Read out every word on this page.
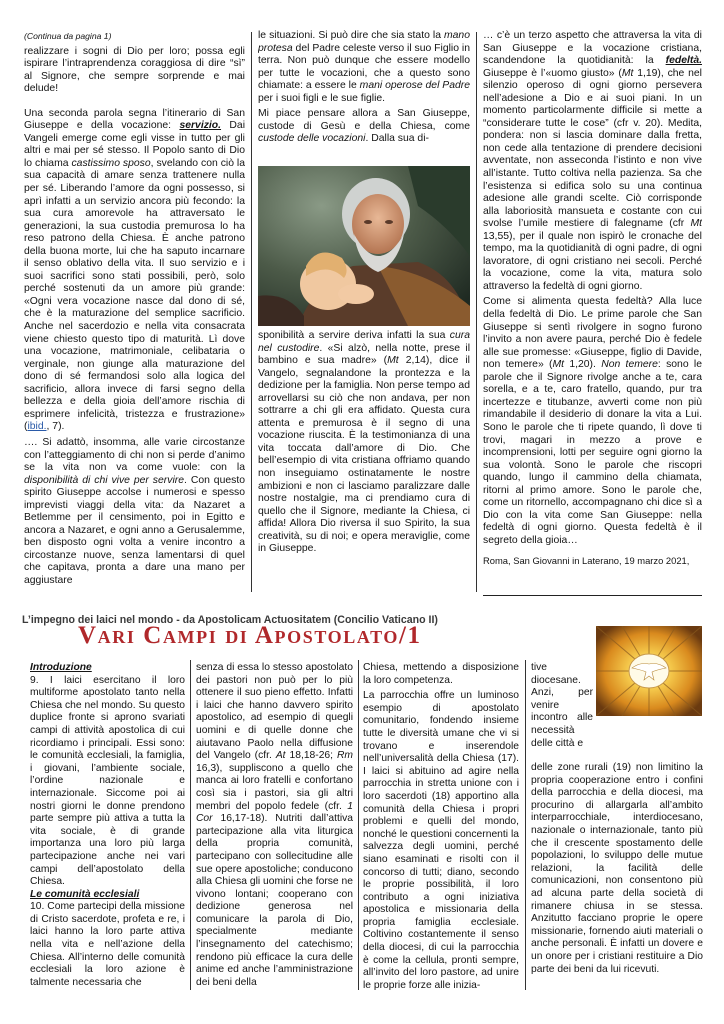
(Continua da pagina 1)

realizzare i sogni di Dio per loro; possa egli ispirare l’intraprendenza coraggiosa di dire “sì” al Signore, che sempre sorprende e mai delude!

Una seconda parola segna l’itinerario di San Giuseppe e della vocazione: servizio. Dai Vangeli emerge come egli visse in tutto per gli altri e mai per sé stesso. Il Popolo santo di Dio lo chiama castissimo sposo, svelando con ciò la sua capacità di amare senza trattenere nulla per sé. Liberando l’amore da ogni possesso, si aprì infatti a un servizio ancora più fecondo: la sua cura amorevole ha attraversato le generazioni, la sua custodia premurosa lo ha reso patrono della Chiesa. È anche patrono della buona morte, lui che ha saputo incarnare il senso oblativo della vita. Il suo servizio e i suoi sacrifici sono stati possibili, però, solo perché sostenuti da un amore più grande: «Ogni vera vocazione nasce dal dono di sé, che è la maturazione del semplice sacrificio. Anche nel sacerdozio e nella vita consacrata viene chiesto questo tipo di maturità. Lì dove una vocazione, matrimoniale, celibataria o verginale, non giunge alla maturazione del dono di sé fermandosi solo alla logica del sacrificio, allora invece di farsi segno della bellezza e della gioia dell’amore rischia di esprimere infelicità, tristezza e frustrazione» (ibid., 7).

…. Si adattò, insomma, alle varie circostanze con l’atteggiamento di chi non si perde d’animo se la vita non va come vuole: con la disponibilità di chi vive per servire. Con questo spirito Giuseppe accolse i numerosi e spesso imprevisti viaggi della vita: da Nazaret a Betlemme per il censimento, poi in Egitto e ancora a Nazaret, e ogni anno a Gerusalemme, ben disposto ogni volta a venire incontro a circostanze nuove, senza lamentarsi di quel che capitava, pronta a dare una mano per aggiustare

le situazioni. Si può dire che sia stato la mano protesa del Padre celeste verso il suo Figlio in terra. Non può dunque che essere modello per tutte le vocazioni, che a questo sono chiamate: a essere le mani operose del Padre per i suoi figli e le sue figlie.

Mi piace pensare allora a San Giuseppe, custode di Gesù e della Chiesa, come custode delle vocazioni. Dalla sua di-

sponibilità a servire deriva infatti la sua cura nel custodire. «Si alzò, nella notte, prese il bambino e sua madre» (Mt 2,14), dice il Vangelo, segnalandone la prontezza e la dedizione per la famiglia. Non perse tempo ad arrovellarsi su ciò che non andava, per non sottrarre a chi gli era affidato. Questa cura attenta e premurosa è il segno di una vocazione riuscita. È la testimonianza di una vita toccata dall’amore di Dio. Che bell’esempio di vita cristiana offriamo quando non inseguiamo ostinatamente le nostre ambizioni e non ci lasciamo paralizzare dalle nostre nostalgie, ma ci prendiamo cura di quello che il Signore, mediante la Chiesa, ci affida! Allora Dio riversa il suo Spirito, la sua creatività, su di noi; e opera meraviglie, come in Giuseppe.

… c’è un terzo aspetto che attraversa la vita di San Giuseppe e la vocazione cristiana, scandendone la quotidianità: la fedeltà. Giuseppe è l’«uomo giusto» (Mt 1,19), che nel silenzio operoso di ogni giorno persevera nell’adesione a Dio e ai suoi piani. In un momento particolarmente difficile si mette a “considerare tutte le cose” (cfr v. 20). Medita, pondera: non si lascia dominare dalla fretta, non cede alla tentazione di prendere decisioni avventate, non asseconda l’istinto e non vive all’istante. Tutto coltiva nella pazienza. Sa che l’esistenza si edifica solo su una continua adesione alle grandi scelte. Ciò corrisponde alla laboriosità mansueta e costante con cui svolse l’umile mestiere di falegname (cfr Mt 13,55), per il quale non ispirò le cronache del tempo, ma la quotidianità di ogni padre, di ogni lavoratore, di ogni cristiano nei secoli. Perché la vocazione, come la vita, matura solo attraverso la fedeltà di ogni giorno.

Come si alimenta questa fedeltà? Alla luce della fedeltà di Dio. Le prime parole che San Giuseppe si sentì rivolgere in sogno furono l’invito a non avere paura, perché Dio è fedele alle sue promesse: «Giuseppe, figlio di Davide, non temere» (Mt 1,20). Non temere: sono le parole che il Signore rivolge anche a te, cara sorella, e a te, caro fratello, quando, pur tra incertezze e titubanze, avverti come non più rimandabile il desiderio di donare la vita a Lui. Sono le parole che ti ripete quando, lì dove ti trovi, magari in mezzo a prove e incomprensioni, lotti per seguire ogni giorno la sua volontà. Sono le parole che riscopri quando, lungo il cammino della chiamata, ritorni al primo amore. Sono le parole che, come un ritornello, accompagnano chi dice sì a Dio con la vita come San Giuseppe: nella fedeltà di ogni giorno. Questa fedeltà è il segreto della gioia…

Roma, San Giovanni in Laterano, 19 marzo 2021,

L’impegno dei laici nel mondo - da Apostolicam Actuositatem (Concilio Vaticano II)
Vari Campi di Apostolato/1
Introduzione

9. I laici esercitano il loro multiforme apostolato tanto nella Chiesa che nel mondo. Su questo duplice fronte si aprono svariati campi di attività apostolica di cui ricordiamo i principali. Essi sono: le comunità ecclesiali, la famiglia, i giovani, l’ambiente sociale, l’ordine nazionale e internazionale. Siccome poi ai nostri giorni le donne prendono parte sempre più attiva a tutta la vita sociale, è di grande importanza una loro più larga partecipazione anche nei vari campi dell’apostolato della Chiesa.

Le comunità ecclesiali

10. Come partecipi della missione di Cristo sacerdote, profeta e re, i laici hanno la loro parte attiva nella vita e nell’azione della Chiesa. All’interno delle comunità ecclesiali la loro azione è talmente necessaria che

senza di essa lo stesso apostolato dei pastori non può per lo più ottenere il suo pieno effetto. Infatti i laici che hanno davvero spirito apostolico, ad esempio di quegli uomini e di quelle donne che aiutavano Paolo nella diffusione del Vangelo (cfr. At 18,18-26; Rm 16,3), suppliscono a quello che manca ai loro fratelli e confortano così sia i pastori, sia gli altri membri del popolo fedele (cfr. 1 Cor 16,17-18). Nutriti dall’attiva partecipazione alla vita liturgica della propria comunità, partecipano con sollecitudine alle sue opere apostoliche; conducono alla Chiesa gli uomini che forse ne vivono lontani; cooperano con dedizione generosa nel comunicare la parola di Dio, specialmente mediante l’insegnamento del catechismo; rendono più efficace la cura delle anime ed anche l’amministrazione dei beni della

Chiesa, mettendo a disposizione la loro competenza.

La parrocchia offre un luminoso esempio di apostolato comunitario, fondendo insieme tutte le diversità umane che vi si trovano e inserendole nell’universalità della Chiesa (17). I laici si abituino ad agire nella parrocchia in stretta unione con i loro sacerdoti (18) apportino alla comunità della Chiesa i propri problemi e quelli del mondo, nonché le questioni concernenti la salvezza degli uomini, perché siano esaminati e risolti con il concorso di tutti; diano, secondo le proprie possibilità, il loro contributo a ogni iniziativa apostolica e missionaria della propria famiglia ecclesiale. Coltivino costantemente il senso della diocesi, di cui la parrocchia è come la cellula, pronti sempre, all’invito del loro pastore, ad unire le proprie forze alle inizia-

tive diocesane. Anzi, per venire incontro alle necessità delle città e

delle zone rurali (19) non limitino la propria cooperazione entro i confini della parrocchia e della diocesi, ma procurino di allargarla all’ambito interparrocchiale, interdiocesano, nazionale o internazionale, tanto più che il crescente spostamento delle popolazioni, lo sviluppo delle mutue relazioni, la facilità delle comunicazioni, non consentono più ad alcuna parte della società di rimanere chiusa in se stessa. Anzitutto facciano proprie le opere missionarie, fornendo aiuti materiali o anche personali. È infatti un dovere e un onore per i cristiani restituire a Dio parte dei beni da lui ricevuti.
